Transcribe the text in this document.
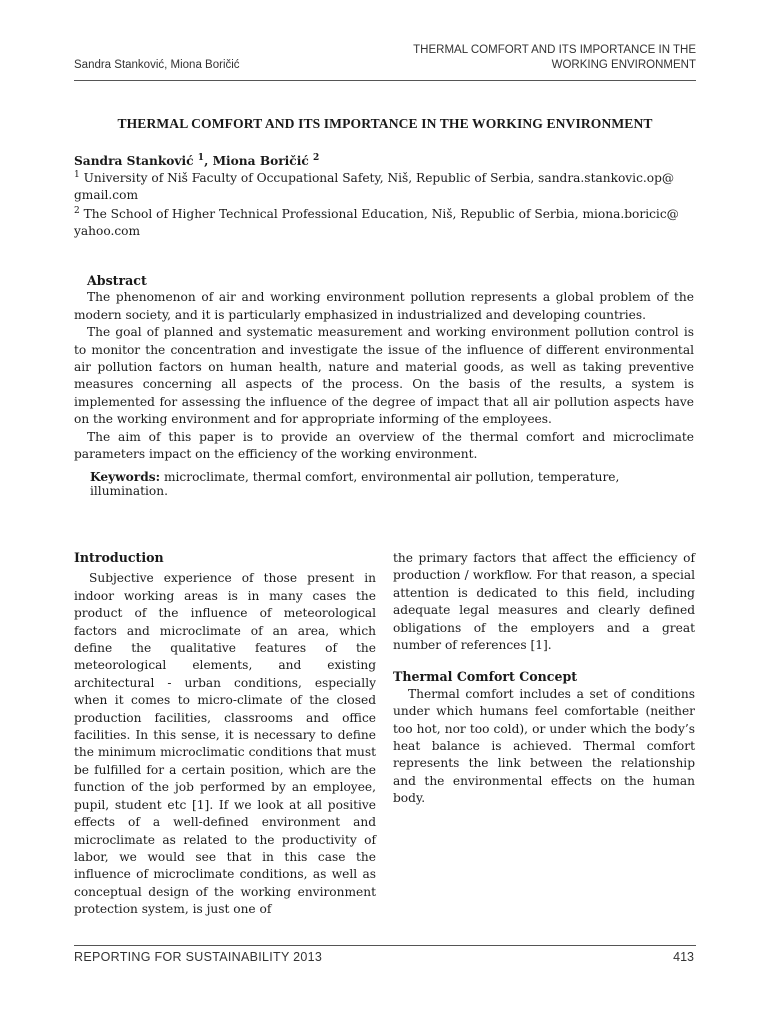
Sandra Stanković, Miona Boričić
THERMAL COMFORT AND ITS IMPORTANCE IN THE
WORKING ENVIRONMENT
THERMAL COMFORT AND ITS IMPORTANCE IN THE WORKING ENVIRONMENT
Sandra Stanković $^1$, Miona Boričić $^2$
$^1$ University of Niš Faculty of Occupational Safety, Niš, Republic of Serbia, sandra.stankovic.op@ gmail.com
$^2$ The School of Higher Technical Professional Education, Niš, Republic of Serbia, miona.boricic@ yahoo.com

Abstract

The phenomenon of air and working environment pollution represents a global problem of the modern society, and it is particularly emphasized in industrialized and developing countries.

The goal of planned and systematic measurement and working environment pollution control is to monitor the concentration and investigate the issue of the influence of different environmental air pollution factors on human health, nature and material goods, as well as taking preventive measures concerning all aspects of the process. On the basis of the results, a system is implemented for assessing the influence of the degree of impact that all air pollution aspects have on the working environment and for appropriate informing of the employees.

The aim of this paper is to provide an overview of the thermal comfort and microclimate parameters impact on the efficiency of the working environment.

Keywords: microclimate, thermal comfort, environmental air pollution, temperature, illumination.
Introduction

Subjective experience of those present in indoor working areas is in many cases the product of the influence of meteorological factors and microclimate of an area, which define the qualitative features of the meteorological elements, and existing architectural - urban conditions, especially when it comes to micro-climate of the closed production facilities, classrooms and office facilities. In this sense, it is necessary to define the minimum microclimatic conditions that must be fulfilled for a certain position, which are the function of the job performed by an employee, pupil, student etc [1]. If we look at all positive effects of a well-defined environment and microclimate as related to the productivity of labor, we would see that in this case the influence of microclimate conditions, as well as conceptual design of the working environment protection system, is just one of

the primary factors that affect the efficiency of production / workflow. For that reason, a special attention is dedicated to this field, including adequate legal measures and clearly defined obligations of the employers and a great number of references [1].

Thermal Comfort Concept

Thermal comfort includes a set of conditions under which humans feel comfortable (neither too hot, nor too cold), or under which the body’s heat balance is achieved. Thermal comfort represents the link between the relationship and the environmental effects on the human body.

REPORTING FOR SUSTAINABILITY 2013	413
